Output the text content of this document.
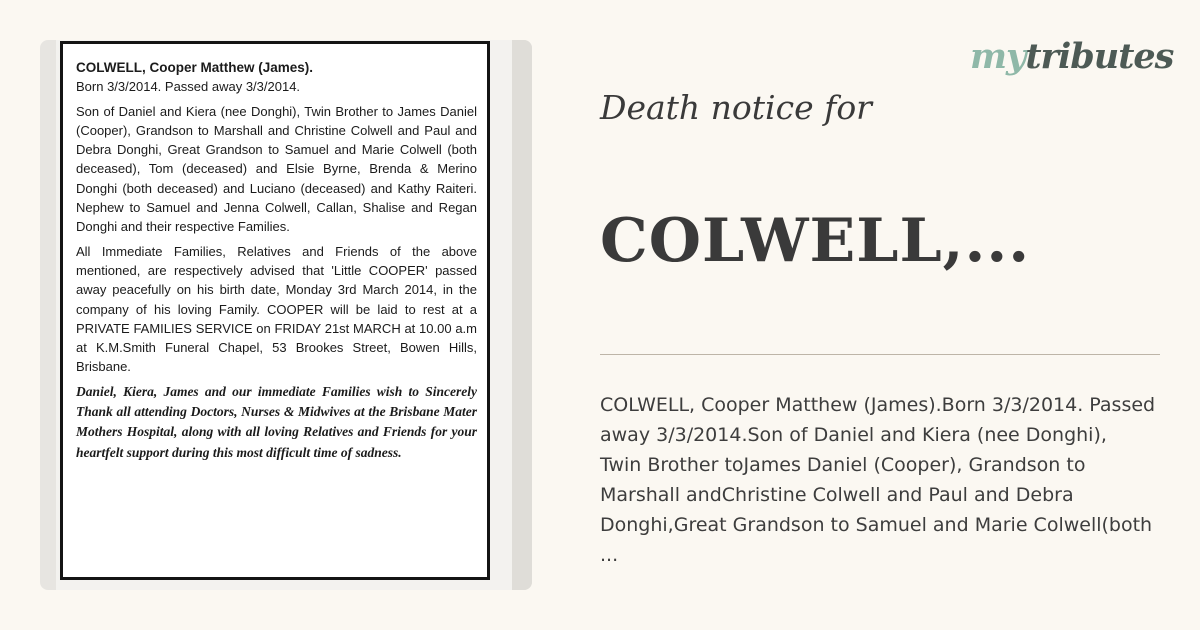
COLWELL, Cooper Matthew (James).

Born 3/3/2014. Passed away 3/3/2014.

Son of Daniel and Kiera (nee Donghi), Twin Brother to James Daniel (Cooper), Grandson to Marshall and Christine Colwell and Paul and Debra Donghi, Great Grandson to Samuel and Marie Colwell (both deceased), Tom (deceased) and Elsie Byrne, Brenda & Merino Donghi (both deceased) and Luciano (deceased) and Kathy Raiteri. Nephew to Samuel and Jenna Colwell, Callan, Shalise and Regan Donghi and their respective Families.

All Immediate Families, Relatives and Friends of the above mentioned, are respectively advised that 'Little COOPER' passed away peacefully on his birth date, Monday 3rd March 2014, in the company of his loving Family. COOPER will be laid to rest at a PRIVATE FAMILIES SERVICE on FRIDAY 21st MARCH at 10.00 a.m at K.M.Smith Funeral Chapel, 53 Brookes Street, Bowen Hills, Brisbane.

Daniel, Kiera, James and our immediate Families wish to Sincerely Thank all attending Doctors, Nurses & Midwives at the Brisbane Mater Mothers Hospital, along with all loving Relatives and Friends for your heartfelt support during this most difficult time of sadness.

mytributes
Death notice for
COLWELL,...
COLWELL, Cooper Matthew (James).Born 3/3/2014. Passed
away 3/3/2014.Son of Daniel and Kiera (nee Donghi),
Twin Brother toJames Daniel (Cooper), Grandson to
Marshall andChristine Colwell and Paul and Debra
Donghi,Great Grandson to Samuel and Marie Colwell(both
...
